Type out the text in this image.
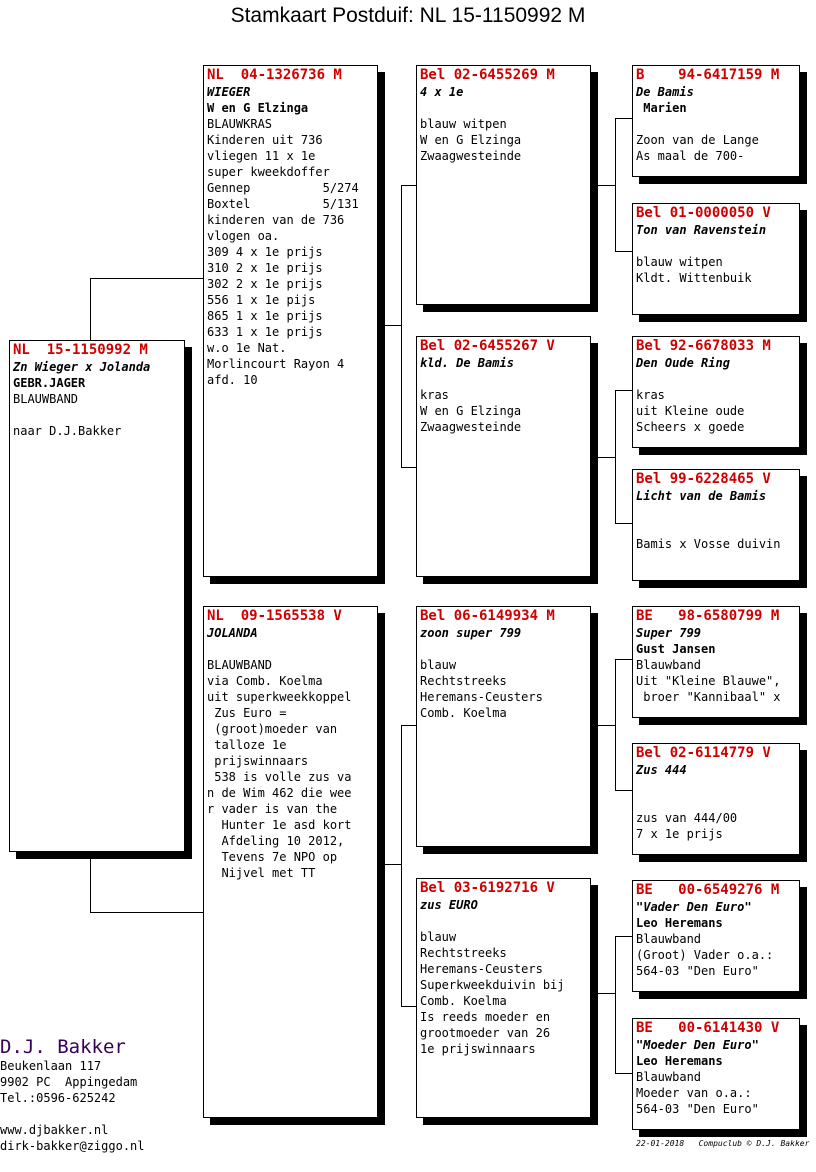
Stamkaart Postduif: NL 15-1150992 M
NL  15-1150992 M
Zn Wieger x Jolanda
GEBR.JAGER
BLAUWBAND
naar D.J.Bakker
NL  04-1326736 M
WIEGER
W en G Elzinga
BLAUWKRAS
Kinderen uit 736
vliegen 11 x 1e
super kweekdoffer
Gennep          5/274
Boxtel          5/131
kinderen van de 736
vlogen oa.
309 4 x 1e prijs
310 2 x 1e prijs
302 2 x 1e prijs
556 1 x 1e pijs
865 1 x 1e prijs
633 1 x 1e prijs
w.o 1e Nat.
Morlincourt Rayon 4
afd. 10
NL  09-1565538 V
JOLANDA
BLAUWBAND
via Comb. Koelma
uit superkweekkoppel
Zus Euro =
(groot)moeder van
talloze 1e
prijswinnaars
538 is volle zus va
n de Wim 462 die wee
r vader is van the
Hunter 1e asd kort
Afdeling 10 2012,
Tevens 7e NPO op
Nijvel met TT
Bel 02-6455269 M
4 x 1e
blauw witpen
W en G Elzinga
Zwaagwesteinde
Bel 02-6455267 V
kld. De Bamis
kras
W en G Elzinga
Zwaagwesteinde
Bel 06-6149934 M
zoon super 799
blauw
Rechtstreeks
Heremans-Ceusters
Comb. Koelma
Bel 03-6192716 V
zus EURO
blauw
Rechtstreeks
Heremans-Ceusters
Superkweekduivin bij
Comb. Koelma
Is reeds moeder en
grootmoeder van 26
1e prijswinnaars
B    94-6417159 M
De Bamis
Marien
Zoon van de Lange
As maal de 700-
Bel 01-0000050 V
Ton van Ravenstein
blauw witpen
Kldt. Wittenbuik
Bel 92-6678033 M
Den Oude Ring
kras
uit Kleine oude
Scheers x goede
Bel 99-6228465 V
Licht van de Bamis
Bamis x Vosse duivin
BE   98-6580799 M
Super 799
Gust Jansen
Blauwband
Uit "Kleine Blauwe",
broer "Kannibaal" x
Bel 02-6114779 V
Zus 444
zus van 444/00
7 x 1e prijs
BE   00-6549276 M
"Vader Den Euro"
Leo Heremans
Blauwband
(Groot) Vader o.a.:
564-03 "Den Euro"
BE   00-6141430 V
"Moeder Den Euro"
Leo Heremans
Blauwband
Moeder van o.a.:
564-03 "Den Euro"
D.J. Bakker
Beukenlaan 117
9902 PC  Appingedam
Tel.:0596-625242
www.djbakker.nl
dirk-bakker@ziggo.nl	22-01-2018   Compuclub © D.J. Bakker
